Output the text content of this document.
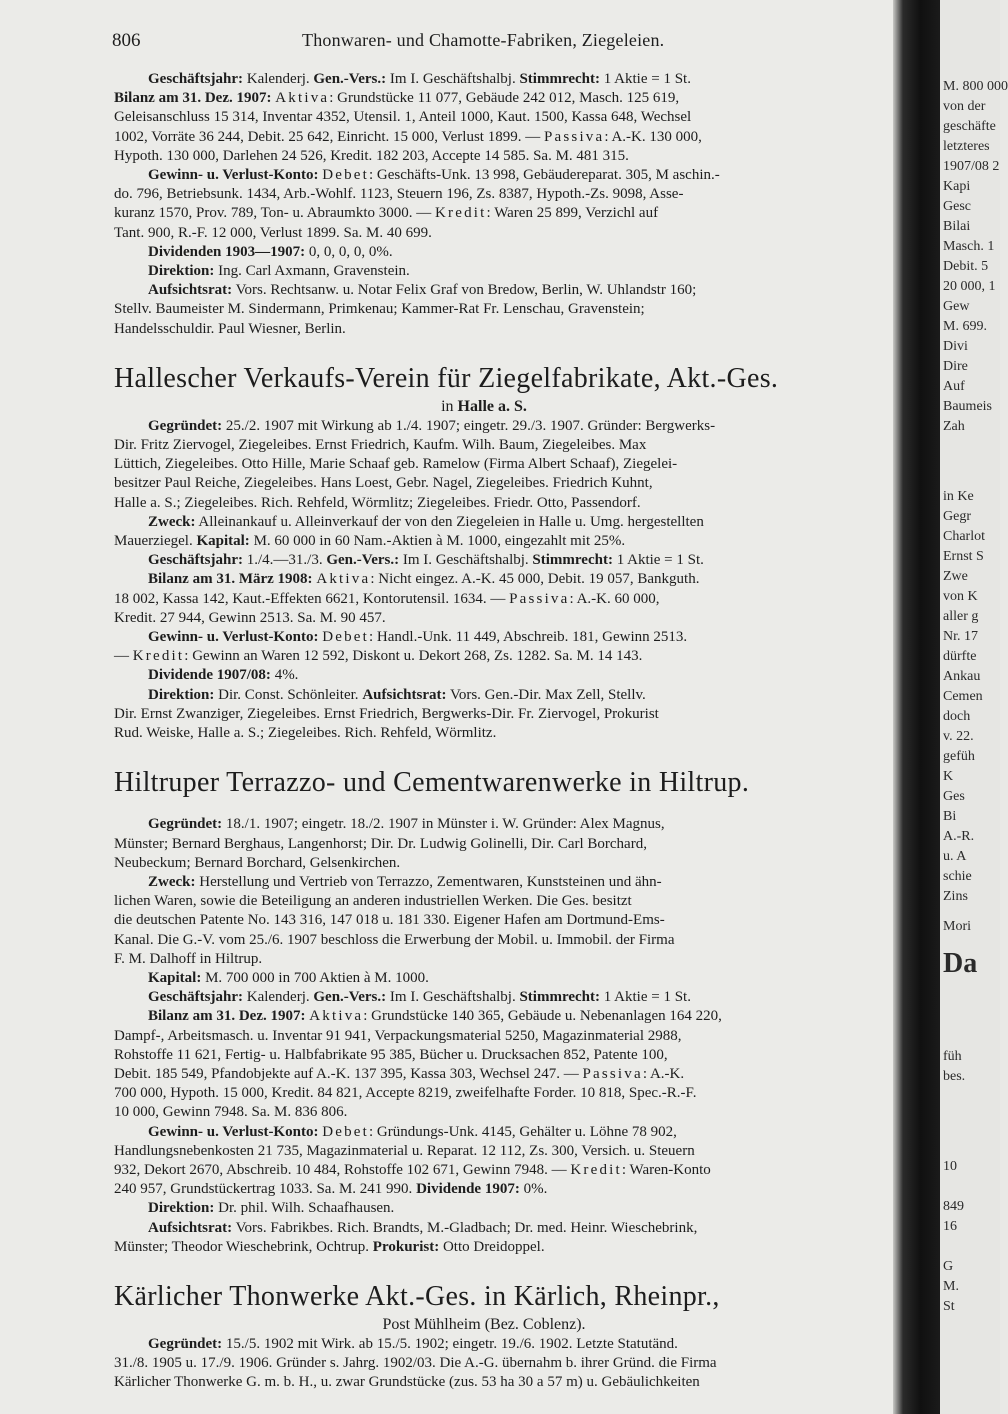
806	Thonwaren- und Chamotte-Fabriken, Ziegeleien.
Geschäftsjahr: Kalenderj. Gen.-Vers.: Im I. Geschäftshalbj. Stimmrecht: 1 Aktie = 1 St.
Bilanz am 31. Dez. 1907: Aktiva: Grundstücke 11 077, Gebäude 242 012, Masch. 125 619,
Geleisanschluss 15 314, Inventar 4352, Utensil. 1, Anteil 1000, Kaut. 1500, Kassa 648, Wechsel
1002, Vorräte 36 244, Debit. 25 642, Einricht. 15 000, Verlust 1899. — Passiva: A.-K. 130 000,
Hypoth. 130 000, Darlehen 24 526, Kredit. 182 203, Accepte 14 585. Sa. M. 481 315.
Gewinn- u. Verlust-Konto: Debet: Geschäfts-Unk. 13 998, Gebäudereparat. 305, M aschin.-
do. 796, Betriebsunk. 1434, Arb.-Wohlf. 1123, Steuern 196, Zs. 8387, Hypoth.-Zs. 9098, Asse-
kuranz 1570, Prov. 789, Ton- u. Abraumkto 3000. — Kredit: Waren 25 899, Verzichl auf
Tant. 900, R.-F. 12 000, Verlust 1899. Sa. M. 40 699.
Dividenden 1903—1907: 0, 0, 0, 0, 0%.
Direktion: Ing. Carl Axmann, Gravenstein.
Aufsichtsrat: Vors. Rechtsanw. u. Notar Felix Graf von Bredow, Berlin, W. Uhlandstr 160;
Stellv. Baumeister M. Sindermann, Primkenau; Kammer-Rat Fr. Lenschau, Gravenstein;
Handelsschuldir. Paul Wiesner, Berlin.
Hallescher Verkaufs-Verein für Ziegelfabrikate, Akt.-Ges.
in Halle a. S.
Gegründet: 25./2. 1907 mit Wirkung ab 1./4. 1907; eingetr. 29./3. 1907. Gründer: Bergwerks-
Dir. Fritz Ziervogel, Ziegeleibes. Ernst Friedrich, Kaufm. Wilh. Baum, Ziegeleibes. Max
Lüttich, Ziegeleibes. Otto Hille, Marie Schaaf geb. Ramelow (Firma Albert Schaaf), Ziegelei-
besitzer Paul Reiche, Ziegeleibes. Hans Loest, Gebr. Nagel, Ziegeleibes. Friedrich Kuhnt,
Halle a. S.; Ziegeleibes. Rich. Rehfeld, Wörmlitz; Ziegeleibes. Friedr. Otto, Passendorf.
Zweck: Alleinankauf u. Alleinverkauf der von den Ziegeleien in Halle u. Umg. hergestellten
Mauerziegel. Kapital: M. 60 000 in 60 Nam.-Aktien à M. 1000, eingezahlt mit 25%.
Geschäftsjahr: 1./4.—31./3. Gen.-Vers.: Im I. Geschäftshalbj. Stimmrecht: 1 Aktie = 1 St.
Bilanz am 31. März 1908: Aktiva: Nicht eingez. A.-K. 45 000, Debit. 19 057, Bankguth.
18 002, Kassa 142, Kaut.-Effekten 6621, Kontorutensil. 1634. — Passiva: A.-K. 60 000,
Kredit. 27 944, Gewinn 2513. Sa. M. 90 457.
Gewinn- u. Verlust-Konto: Debet: Handl.-Unk. 11 449, Abschreib. 181, Gewinn 2513.
— Kredit: Gewinn an Waren 12 592, Diskont u. Dekort 268, Zs. 1282. Sa. M. 14 143.
Dividende 1907/08: 4%.
Direktion: Dir. Const. Schönleiter. Aufsichtsrat: Vors. Gen.-Dir. Max Zell, Stellv.
Dir. Ernst Zwanziger, Ziegeleibes. Ernst Friedrich, Bergwerks-Dir. Fr. Ziervogel, Prokurist
Rud. Weiske, Halle a. S.; Ziegeleibes. Rich. Rehfeld, Wörmlitz.
Hiltruper Terrazzo- und Cementwarenwerke in Hiltrup.
Gegründet: 18./1. 1907; eingetr. 18./2. 1907 in Münster i. W. Gründer: Alex Magnus,
Münster; Bernard Berghaus, Langenhorst; Dir. Dr. Ludwig Golinelli, Dir. Carl Borchard,
Neubeckum; Bernard Borchard, Gelsenkirchen.
Zweck: Herstellung und Vertrieb von Terrazzo, Zementwaren, Kunststeinen und ähn-
lichen Waren, sowie die Beteiligung an anderen industriellen Werken. Die Ges. besitzt
die deutschen Patente No. 143 316, 147 018 u. 181 330. Eigener Hafen am Dortmund-Ems-
Kanal. Die G.-V. vom 25./6. 1907 beschloss die Erwerbung der Mobil. u. Immobil. der Firma
F. M. Dalhoff in Hiltrup.
Kapital: M. 700 000 in 700 Aktien à M. 1000.
Geschäftsjahr: Kalenderj. Gen.-Vers.: Im I. Geschäftshalbj. Stimmrecht: 1 Aktie = 1 St.
Bilanz am 31. Dez. 1907: Aktiva: Grundstücke 140 365, Gebäude u. Nebenanlagen 164 220,
Dampf-, Arbeitsmasch. u. Inventar 91 941, Verpackungsmaterial 5250, Magazinmaterial 2988,
Rohstoffe 11 621, Fertig- u. Halbfabrikate 95 385, Bücher u. Drucksachen 852, Patente 100,
Debit. 185 549, Pfandobjekte auf A.-K. 137 395, Kassa 303, Wechsel 247. — Passiva: A.-K.
700 000, Hypoth. 15 000, Kredit. 84 821, Accepte 8219, zweifelhafte Forder. 10 818, Spec.-R.-F.
10 000, Gewinn 7948. Sa. M. 836 806.
Gewinn- u. Verlust-Konto: Debet: Gründungs-Unk. 4145, Gehälter u. Löhne 78 902,
Handlungsnebenkosten 21 735, Magazinmaterial u. Reparat. 12 112, Zs. 300, Versich. u. Steuern
932, Dekort 2670, Abschreib. 10 484, Rohstoffe 102 671, Gewinn 7948. — Kredit: Waren-Konto
240 957, Grundstückertrag 1033. Sa. M. 241 990. Dividende 1907: 0%.
Direktion: Dr. phil. Wilh. Schaafhausen.
Aufsichtsrat: Vors. Fabrikbes. Rich. Brandts, M.-Gladbach; Dr. med. Heinr. Wieschebrink,
Münster; Theodor Wieschebrink, Ochtrup. Prokurist: Otto Dreidoppel.
Kärlicher Thonwerke Akt.-Ges. in Kärlich, Rheinpr.,
Post Mühlheim (Bez. Coblenz).
Gegründet: 15./5. 1902 mit Wirk. ab 15./5. 1902; eingetr. 19./6. 1902. Letzte Statutänd.
31./8. 1905 u. 17./9. 1906. Gründer s. Jahrg. 1902/03. Die A.-G. übernahm b. ihrer Gründ. die Firma
Kärlicher Thonwerke G. m. b. H., u. zwar Grundstücke (zus. 53 ha 30 a 57 m) u. Gebäulichkeiten
M. 800 000
von der
geschäfte
letzteres
1907/08 2
Kapi
Gesc
Bilai
Masch. 1
Debit. 5
20 000, 1
Gew
M. 699.
Divi
Dire
Auf
Baumeis
Zah
in Ke
Gegr
Charlot
Ernst S
Zwe
von K
aller g
Nr. 17
dürfte
Ankau
Cemen
doch
v. 22.
gefüh
K
Ges
Bi
A.-R.
u. A
schie
Zins
Mori
Da
füh
bes.
10
849
16
G
M.
St
